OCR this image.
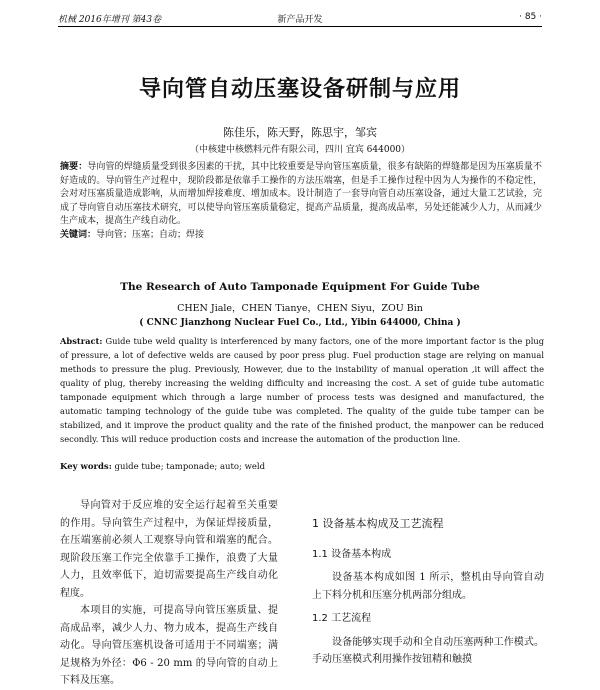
机械 2016年增刊 第43卷	新产品开发	· 85 ·
导向管自动压塞设备研制与应用
陈佳乐，陈天野，陈思宇，邹宾
（中核建中核燃料元件有限公司，四川 宜宾 644000）
摘要：导向管的焊缝质量受到很多因素的干扰，其中比较重要是导向管压塞质量，很多有缺陷的焊缝都是因为压塞质量不好造成的。导向管生产过程中，现阶段都是依靠手工操作的方法压端塞，但是手工操作过程中因为人为操作的不稳定性，会对对压塞质量造成影响，从而增加焊接难度、增加成本。设计制造了一套导向管自动压塞设备，通过大量工艺试验，完成了导向管自动压塞技术研究，可以使导向管压塞质量稳定，提高产品质量，提高成品率，另处还能减少人力，从而减少生产成本，提高生产线自动化。
关键词：导向管；压塞；自动；焊接
The Research of Auto Tamponade Equipment For Guide Tube
CHEN Jiale，CHEN Tianye，CHEN Siyu，ZOU Bin
( CNNC Jianzhong Nuclear Fuel Co., Ltd., Yibin 644000, China )
Abstract: Guide tube weld quality is interferenced by many factors, one of the more important factor is the plug of pressure, a lot of defective welds are caused by poor press plug. Fuel production stage are relying on manual methods to pressure the plug. Previously, However, due to the instability of manual operation ,it will affect the quality of plug, thereby increasing the welding difficulty and increasing the cost. A set of guide tube automatic tamponade equipment which through a large number of process tests was designed and manufactured, the automatic tamping technology of the guide tube was completed. The quality of the guide tube tamper can be stabilized, and it improve the product quality and the rate of the finished product, the manpower can be reduced secondly. This will reduce production costs and increase the automation of the production line.
Key words: guide tube; tamponade; auto; weld

导向管对于反应堆的安全运行起着至关重要的作用。导向管生产过程中，为保证焊接质量，在压端塞前必须人工观察导向管和端塞的配合。现阶段压塞工作完全依靠手工操作，浪费了大量人力，且效率低下，迫切需要提高生产线自动化程度。

本项目的实施，可提高导向管压塞质量、提高成品率，减少人力、物力成本，提高生产线自动化。导向管压塞机设备可适用于不同端塞；满足规格为外径：Φ6 - 20 mm 的导向管的自动上下料及压塞。

1 设备基本构成及工艺流程
1.1 设备基本构成

设备基本构成如图 1 所示，整机由导向管自动上下料分机和压塞分机两部分组成。

1.2 工艺流程

设备能够实现手动和全自动压塞两种工作模式。手动压塞模式利用操作按钮精和触摸
